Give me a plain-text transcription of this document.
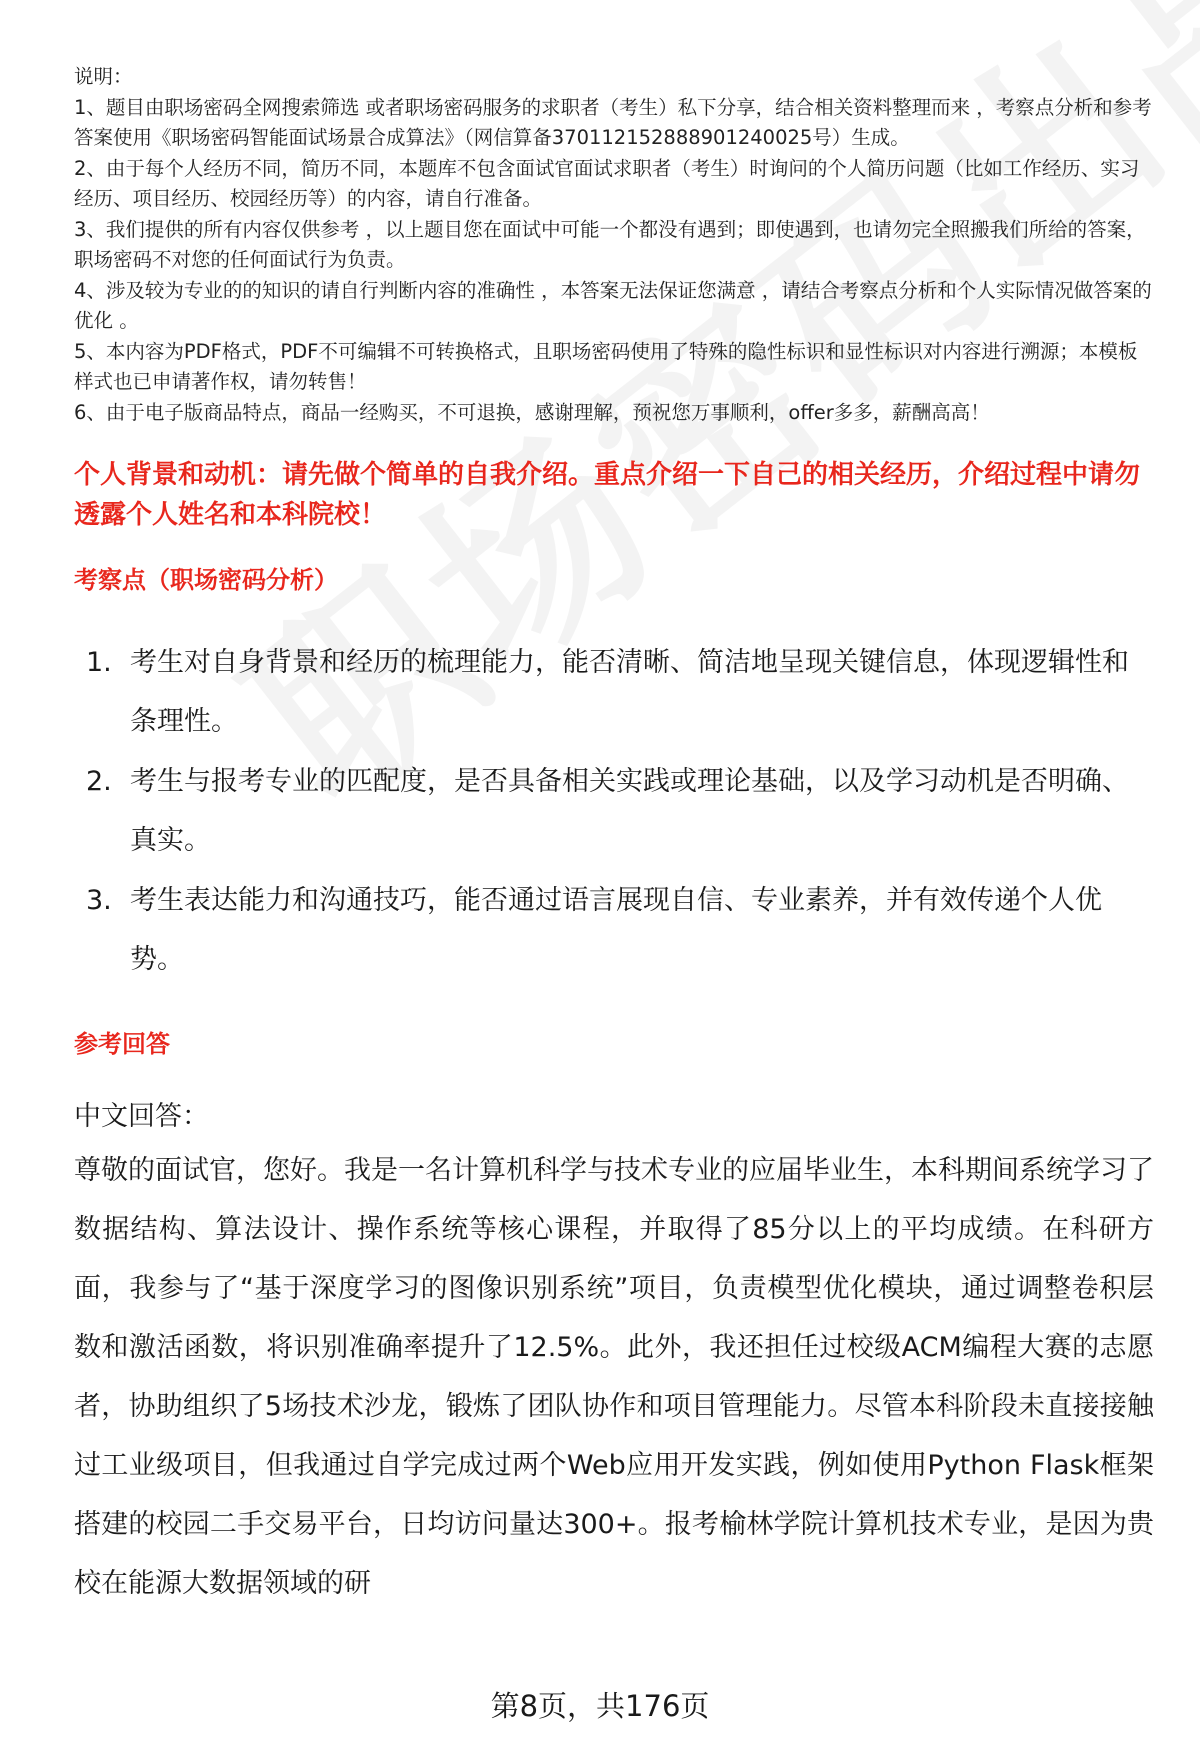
说明：

1、题目由职场密码全网搜索筛选 或者职场密码服务的求职者（考生）私下分享，结合相关资料整理而来 ，考察点分析和参考答案使用《职场密码智能面试场景合成算法》（网信算备370112152888901240025号）生成。

2、由于每个人经历不同，简历不同，本题库不包含面试官面试求职者（考生）时询问的个人简历问题（比如工作经历、实习经历、项目经历、校园经历等）的内容，请自行准备。

3、我们提供的所有内容仅供参考 ，以上题目您在面试中可能一个都没有遇到；即使遇到，也请勿完全照搬我们所给的答案，职场密码不对您的任何面试行为负责。

4、涉及较为专业的的知识的请自行判断内容的准确性 ，本答案无法保证您满意 ，请结合考察点分析和个人实际情况做答案的优化 。

5、本内容为PDF格式，PDF不可编辑不可转换格式，且职场密码使用了特殊的隐性标识和显性标识对内容进行溯源；本模板样式也已申请著作权，请勿转售！

6、由于电子版商品特点，商品一经购买，不可退换，感谢理解，预祝您万事顺利，offer多多，薪酬高高！

个人背景和动机：请先做个简单的自我介绍。重点介绍一下自己的相关经历，介绍过程中请勿透露个人姓名和本科院校！
考察点（职场密码分析）
1. 考生对自身背景和经历的梳理能力，能否清晰、简洁地呈现关键信息，体现逻辑性和条理性。
2. 考生与报考专业的匹配度，是否具备相关实践或理论基础，以及学习动机是否明确、真实。
3. 考生表达能力和沟通技巧，能否通过语言展现自信、专业素养，并有效传递个人优势。
参考回答
中文回答：
尊敬的面试官，您好。我是一名计算机科学与技术专业的应届毕业生，本科期间系统学习了数据结构、算法设计、操作系统等核心课程，并取得了85分以上的平均成绩。在科研方面，我参与了“基于深度学习的图像识别系统”项目，负责模型优化模块，通过调整卷积层数和激活函数，将识别准确率提升了12.5%。此外，我还担任过校级ACM编程大赛的志愿者，协助组织了5场技术沙龙，锻炼了团队协作和项目管理能力。尽管本科阶段未直接接触过工业级项目，但我通过自学完成过两个Web应用开发实践，例如使用Python Flask框架搭建的校园二手交易平台，日均访问量达300+。报考榆林学院计算机技术专业，是因为贵校在能源大数据领域的研
第8页，共176页
